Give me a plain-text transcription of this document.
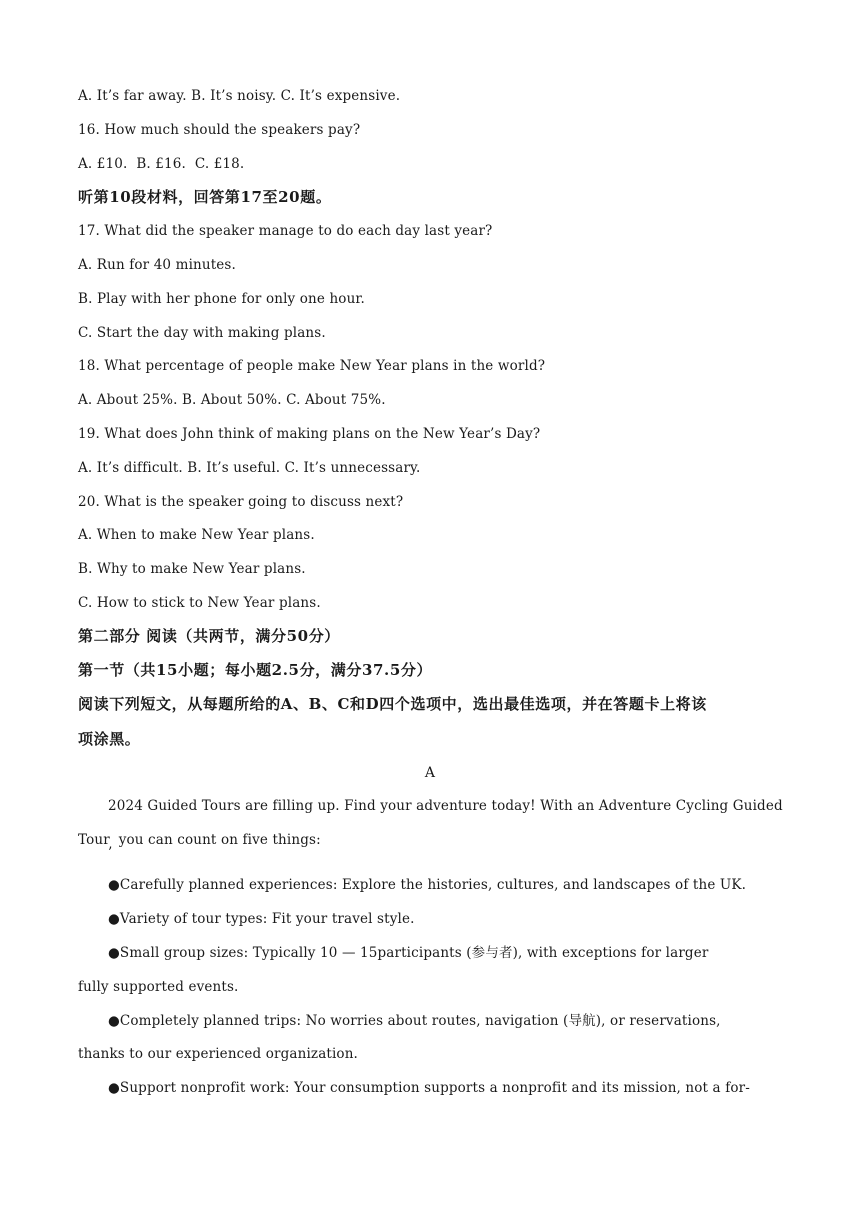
A. It’s far away. B. It’s noisy. C. It’s expensive.
16. How much should the speakers pay?
A. £10.  B. £16.  C. £18.
听第10段材料，回答第17至20题。
17. What did the speaker manage to do each day last year?
A. Run for 40 minutes.
B. Play with her phone for only one hour.
C. Start the day with making plans.
18. What percentage of people make New Year plans in the world?
A. About 25%. B. About 50%. C. About 75%.
19. What does John think of making plans on the New Year’s Day?
A. It’s difficult. B. It’s useful. C. It’s unnecessary.
20. What is the speaker going to discuss next?
A. When to make New Year plans.
B. Why to make New Year plans.
C. How to stick to New Year plans.
第二部分 阅读（共两节，满分50分）
第一节（共15小题；每小题2.5分，满分37.5分）
阅读下列短文，从每题所给的A、B、C和D四个选项中，选出最佳选项，并在答题卡上将该
项涂黑。
A
2024 Guided Tours are filling up. Find your adventure today! With an Adventure Cycling Guided
Tour  you can count on five things:
’
●Carefully planned experiences: Explore the histories, cultures, and landscapes of the UK.
●Variety of tour types: Fit your travel style.
●Small group sizes: Typically 10 — 15participants (参与者), with exceptions for larger
fully supported events.
●Completely planned trips: No worries about routes, navigation (导航), or reservations,
thanks to our experienced organization.
●Support nonprofit work: Your consumption supports a nonprofit and its mission, not a for-
